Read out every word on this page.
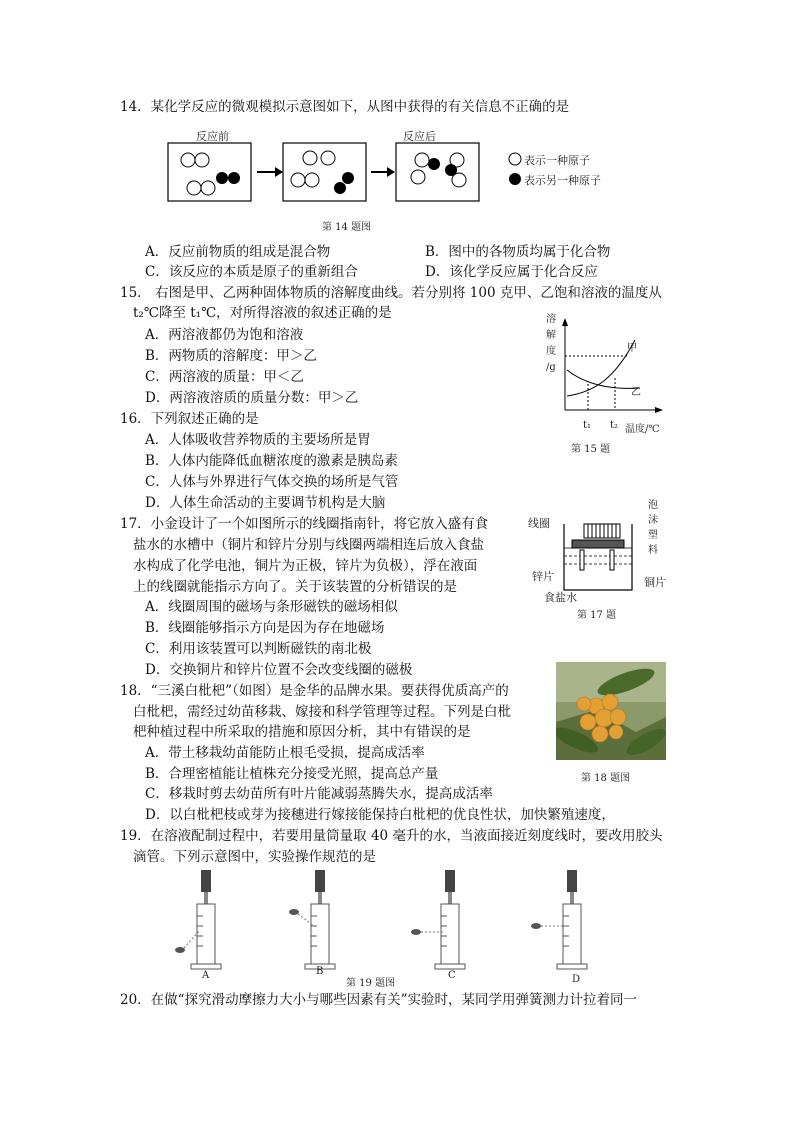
14．某化学反应的微观模拟示意图如下，从图中获得的有关信息不正确的是
反应前	反应后
表示一种原子
表示另一种原子
第 14 题图
A．反应前物质的组成是混合物	B．图中的各物质均属于化合物
C．该反应的本质是原子的重新组合	D．该化学反应属于化合反应
15.　右图是甲、乙两种固体物质的溶解度曲线。若分别将 100 克甲、乙饱和溶液的温度从
t₂℃降至 t₁℃，对所得溶液的叙述正确的是
A．两溶液都仍为饱和溶液
B．两物质的溶解度：甲＞乙
C．两溶液的质量：甲＜乙
D．两溶液溶质的质量分数：甲＞乙
溶
解
度
/g
甲
乙
t₁ t₂ 温度/℃
第 15 题
16．下列叙述正确的是
A．人体吸收营养物质的主要场所是胃
B．人体内能降低血糖浓度的激素是胰岛素
C．人体与外界进行气体交换的场所是气管
D．人体生命活动的主要调节机构是大脑
17．小金设计了一个如图所示的线圈指南针，将它放入盛有食
盐水的水槽中（铜片和锌片分别与线圈两端相连后放入食盐
水构成了化学电池，铜片为正极，锌片为负极），浮在液面
上的线圈就能指示方向了。关于该装置的分析错误的是
A．线圈周围的磁场与条形磁铁的磁场相似
B．线圈能够指示方向是因为存在地磁场
C．利用该装置可以判断磁铁的南北极
D．交换铜片和锌片位置不会改变线圈的磁极
线圈
泡
沫
塑
料
锌片	铜片
食盐水
第 17 题
18．“三溪白枇杷”（如图）是金华的品牌水果。要获得优质高产的
白枇杷，需经过幼苗移栽、嫁接和科学管理等过程。下列是白枇
杷种植过程中所采取的措施和原因分析，其中有错误的是
A．带土移栽幼苗能防止根毛受损，提高成活率
B．合理密植能让植株充分接受光照，提高总产量
C．移栽时剪去幼苗所有叶片能减弱蒸腾失水，提高成活率
D．以白枇杷枝或芽为接穗进行嫁接能保持白枇杷的优良性状，加快繁殖速度，
第 18 题图
19．在溶液配制过程中，若要用量筒量取 40 毫升的水，当液面接近刻度线时，要改用胶头
滴管。下列示意图中，实验操作规范的是
A	B	C	D
第 19 题图
20．在做“探究滑动摩擦力大小与哪些因素有关”实验时，某同学用弹簧测力计拉着同一
